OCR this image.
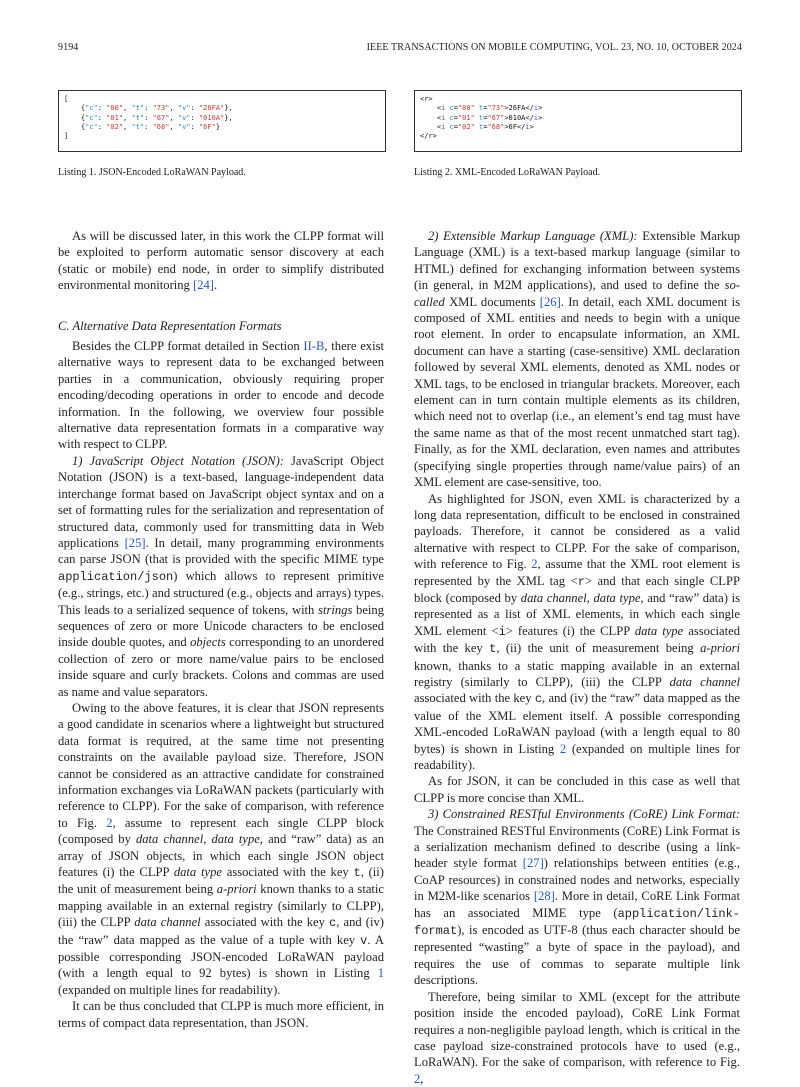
9194	IEEE TRANSACTIONS ON MOBILE COMPUTING, VOL. 23, NO. 10, OCTOBER 2024
[
{"c": "00", "t": "73", "v": "26FA"},
{"c": "01", "t": "67", "v": "010A"},
{"c": "02", "t": "68", "v": "6F"}
]
Listing 1. JSON-Encoded LoRaWAN Payload.
<r>
<i c="00" t="73">26FA</i>
<i c="01" t="67">010A</i>
<i c="02" t="68">6F</i>
</r>
Listing 2. XML-Encoded LoRaWAN Payload.

As will be discussed later, in this work the CLPP format will be exploited to perform automatic sensor discovery at each (static or mobile) end node, in order to simplify distributed environmental monitoring [24].

C. Alternative Data Representation Formats

Besides the CLPP format detailed in Section II-B, there exist alternative ways to represent data to be exchanged between parties in a communication, obviously requiring proper encoding/decoding operations in order to encode and decode information. In the following, we overview four possible alternative data representation formats in a comparative way with respect to CLPP.

1) JavaScript Object Notation (JSON): JavaScript Object Notation (JSON) is a text-based, language-independent data interchange format based on JavaScript object syntax and on a set of formatting rules for the serialization and representation of structured data, commonly used for transmitting data in Web applications [25]. In detail, many programming environments can parse JSON (that is provided with the specific MIME type application/json) which allows to represent primitive (e.g., strings, etc.) and structured (e.g., objects and arrays) types. This leads to a serialized sequence of tokens, with strings being sequences of zero or more Unicode characters to be enclosed inside double quotes, and objects corresponding to an unordered collection of zero or more name/value pairs to be enclosed inside square and curly brackets. Colons and commas are used as name and value separators.

Owing to the above features, it is clear that JSON represents a good candidate in scenarios where a lightweight but structured data format is required, at the same time not presenting constraints on the available payload size. Therefore, JSON cannot be considered as an attractive candidate for constrained information exchanges via LoRaWAN packets (particularly with reference to CLPP). For the sake of comparison, with reference to Fig. 2, assume to represent each single CLPP block (composed by data channel, data type, and “raw” data) as an array of JSON objects, in which each single JSON object features (i) the CLPP data type associated with the key t, (ii) the unit of measurement being a-priori known thanks to a static mapping available in an external registry (similarly to CLPP), (iii) the CLPP data channel associated with the key c, and (iv) the “raw” data mapped as the value of a tuple with key v. A possible corresponding JSON-encoded LoRaWAN payload (with a length equal to 92 bytes) is shown in Listing 1 (expanded on multiple lines for readability).

It can be thus concluded that CLPP is much more efficient, in terms of compact data representation, than JSON.

2) Extensible Markup Language (XML): Extensible Markup Language (XML) is a text-based markup language (similar to HTML) defined for exchanging information between systems (in general, in M2M applications), and used to define the so-called XML documents [26]. In detail, each XML document is composed of XML entities and needs to begin with a unique root element. In order to encapsulate information, an XML document can have a starting (case-sensitive) XML declaration followed by several XML elements, denoted as XML nodes or XML tags, to be enclosed in triangular brackets. Moreover, each element can in turn contain multiple elements as its children, which need not to overlap (i.e., an element’s end tag must have the same name as that of the most recent unmatched start tag). Finally, as for the XML declaration, even names and attributes (specifying single properties through name/value pairs) of an XML element are case-sensitive, too.

As highlighted for JSON, even XML is characterized by a long data representation, difficult to be enclosed in constrained payloads. Therefore, it cannot be considered as a valid alternative with respect to CLPP. For the sake of comparison, with reference to Fig. 2, assume that the XML root element is represented by the XML tag <r> and that each single CLPP block (composed by data channel, data type, and “raw” data) is represented as a list of XML elements, in which each single XML element <i> features (i) the CLPP data type associated with the key t, (ii) the unit of measurement being a-priori known, thanks to a static mapping available in an external registry (similarly to CLPP), (iii) the CLPP data channel associated with the key c, and (iv) the “raw” data mapped as the value of the XML element itself. A possible corresponding XML-encoded LoRaWAN payload (with a length equal to 80 bytes) is shown in Listing 2 (expanded on multiple lines for readability).

As for JSON, it can be concluded in this case as well that CLPP is more concise than XML.

3) Constrained RESTful Environments (CoRE) Link Format: The Constrained RESTful Environments (CoRE) Link Format is a serialization mechanism defined to describe (using a link-header style format [27]) relationships between entities (e.g., CoAP resources) in constrained nodes and networks, especially in M2M-like scenarios [28]. More in detail, CoRE Link Format has an associated MIME type (application/link-format), is encoded as UTF-8 (thus each character should be represented “wasting” a byte of space in the payload), and requires the use of commas to separate multiple link descriptions.

Therefore, being similar to XML (except for the attribute position inside the encoded payload), CoRE Link Format requires a non-negligible payload length, which is critical in the case payload size-constrained protocols have to used (e.g., LoRaWAN). For the sake of comparison, with reference to Fig. 2,
